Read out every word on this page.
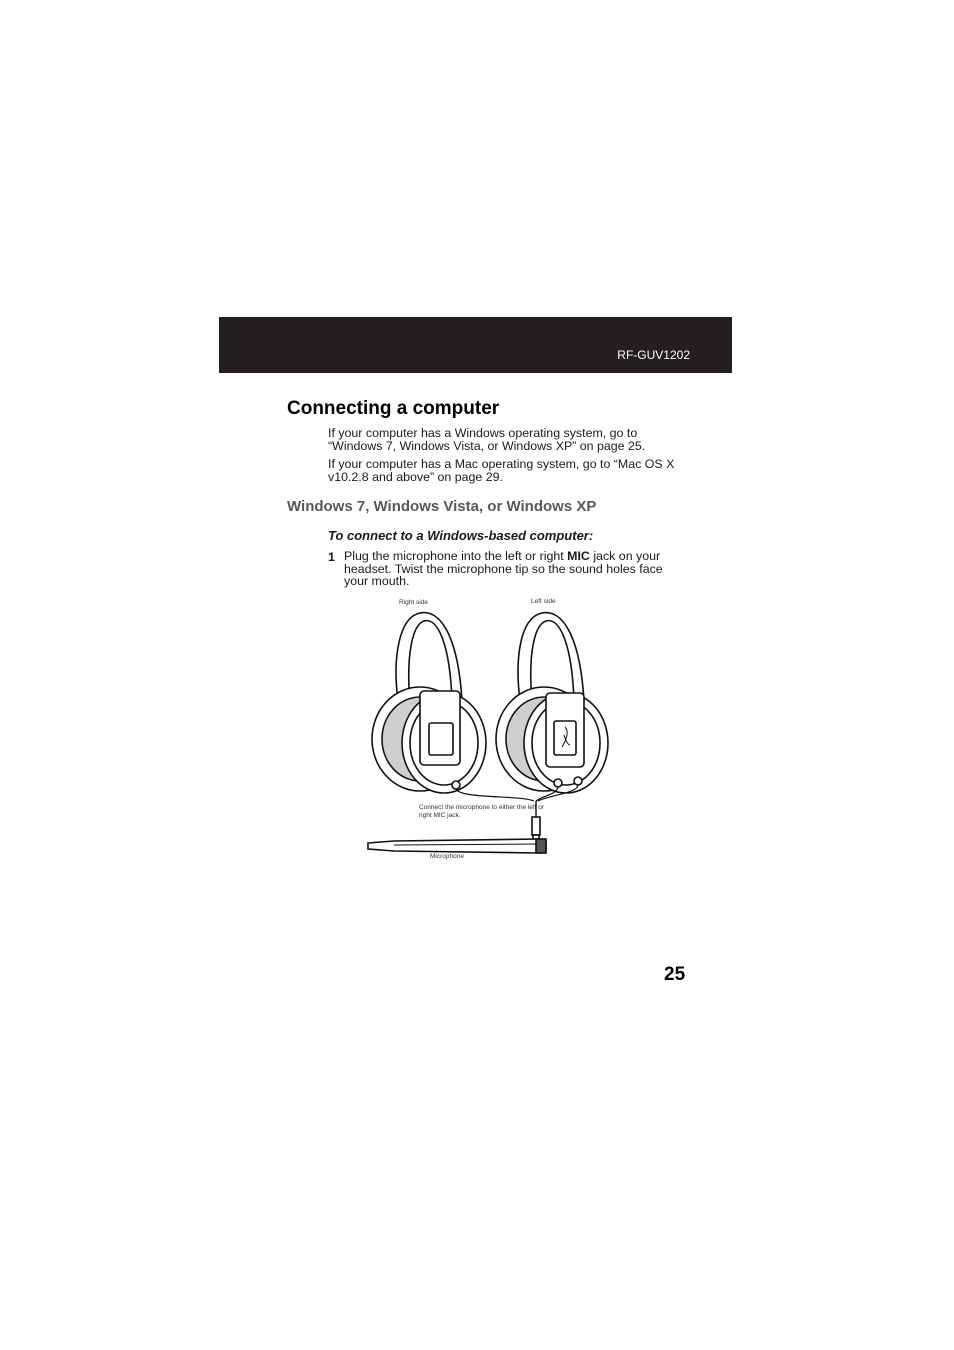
RF-GUV1202
Connecting a computer

If your computer has a Windows operating system, go to “Windows 7, Windows Vista, or Windows XP” on page 25.

If your computer has a Mac operating system, go to “Mac OS X v10.2.8 and above” on page 29.

Windows 7, Windows Vista, or Windows XP
To connect to a Windows-based computer:
1 Plug the microphone into the left or right MIC jack on your headset. Twist the microphone tip so the sound holes face your mouth.

Right side	Left side
Connect the microphone to either the left or right MIC jack.
Microphone
25
